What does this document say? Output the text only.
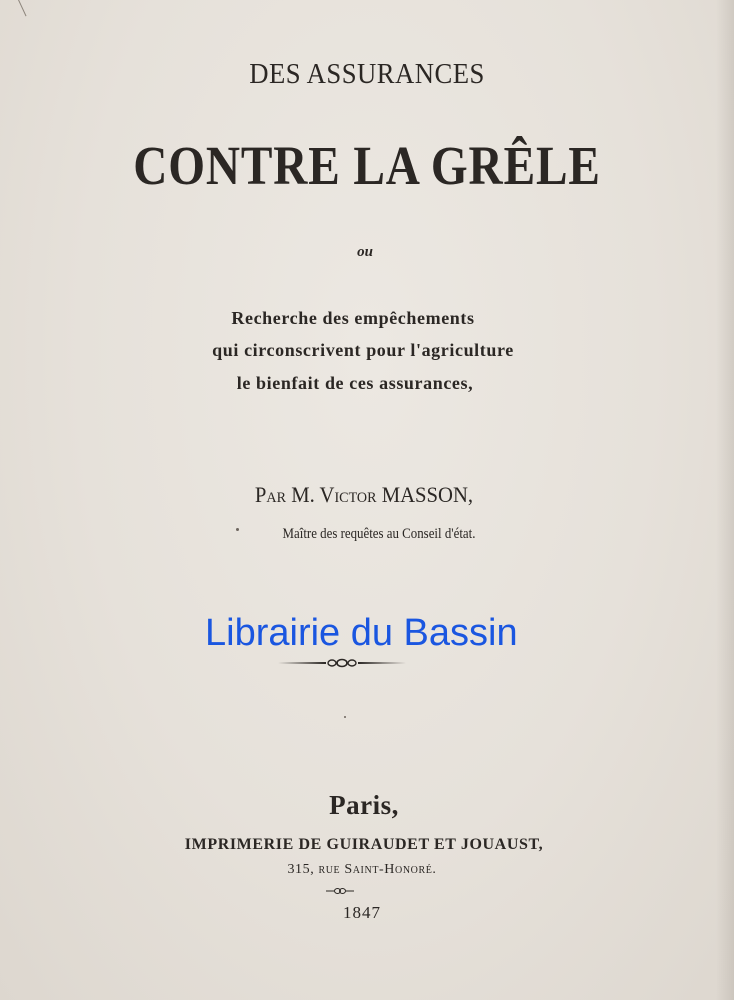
DES ASSURANCES
CONTRE LA GRÊLE
ou
Recherche des empêchements
qui circonscrivent pour l'agriculture
le bienfait de ces assurances,
Par M. Victor MASSON,
Maître des requêtes au Conseil d'état.
Librairie du Bassin
Paris,
IMPRIMERIE DE GUIRAUDET ET JOUAUST,
315, rue Saint-Honoré.
1847
